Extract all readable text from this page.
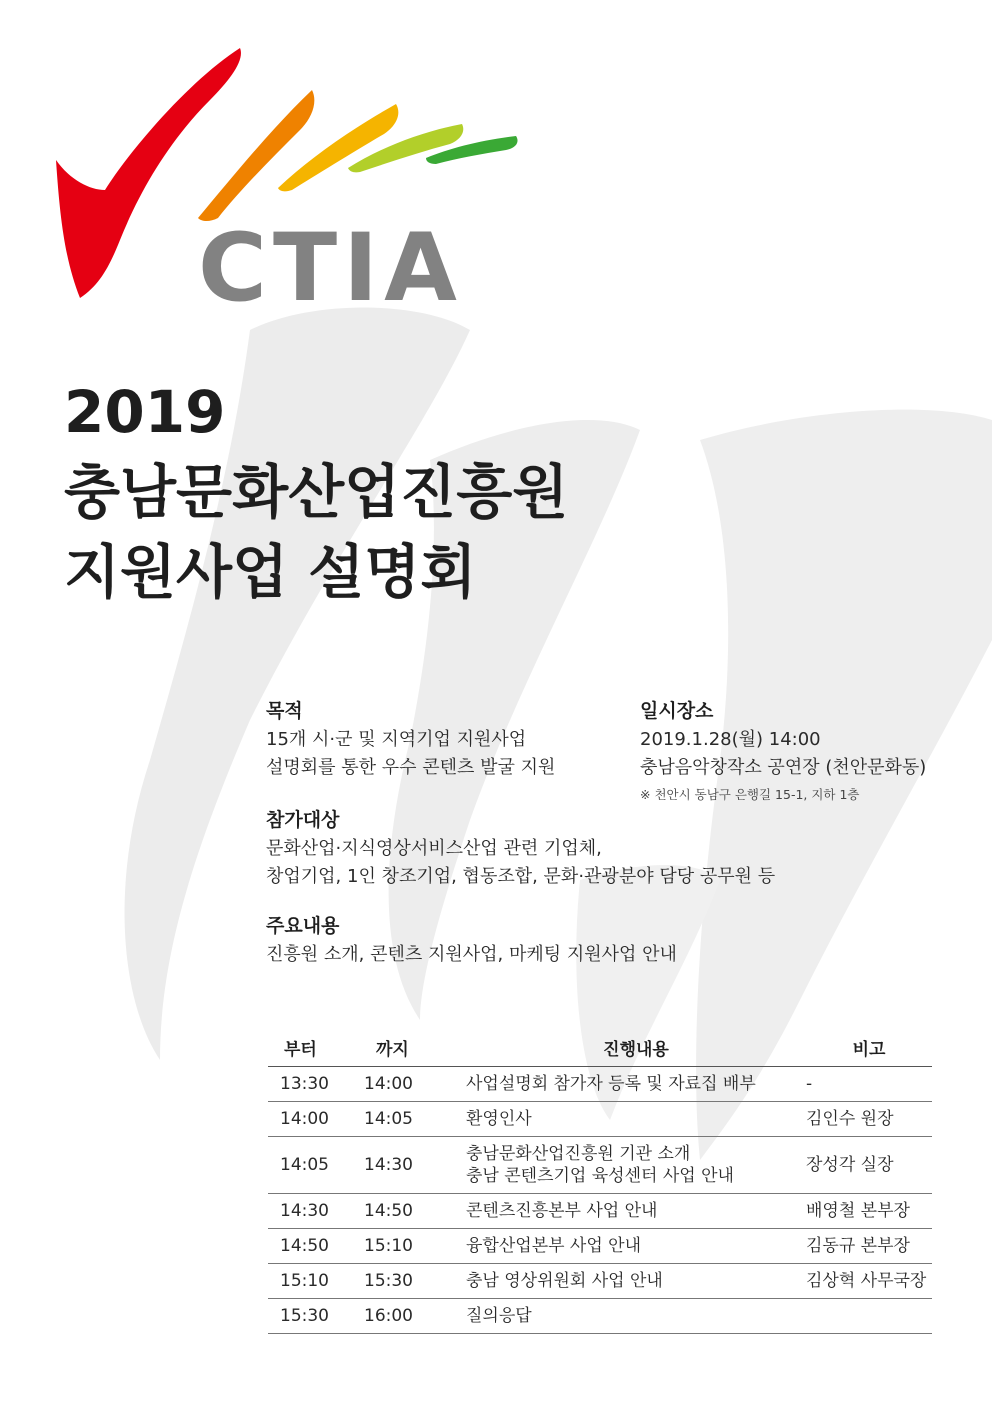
CTIA
2019
충남문화산업진흥원
지원사업 설명회
목적
15개 시·군 및 지역기업 지원사업
설명회를 통한 우수 콘텐츠 발굴 지원
일시장소
2019.1.28(월) 14:00
충남음악창작소 공연장 (천안문화동)
※ 천안시 동남구 은행길 15-1, 지하 1층
참가대상
문화산업·지식영상서비스산업 관련 기업체,
창업기업, 1인 창조기업, 협동조합, 문화·관광분야 담당 공무원 등
주요내용
진흥원 소개, 콘텐츠 지원사업, 마케팅 지원사업 안내
부터	까지	진행내용	비고
13:30	14:00	사업설명회 참가자 등록 및 자료집 배부	-
14:00	14:05	환영인사	김인수 원장
14:05	14:30	충남문화산업진흥원 기관 소개
충남 콘텐츠기업 육성센터 사업 안내	장성각 실장
14:30	14:50	콘텐츠진흥본부 사업 안내	배영철 본부장
14:50	15:10	융합산업본부 사업 안내	김동규 본부장
15:10	15:30	충남 영상위원회 사업 안내	김상혁 사무국장
15:30	16:00	질의응답	
